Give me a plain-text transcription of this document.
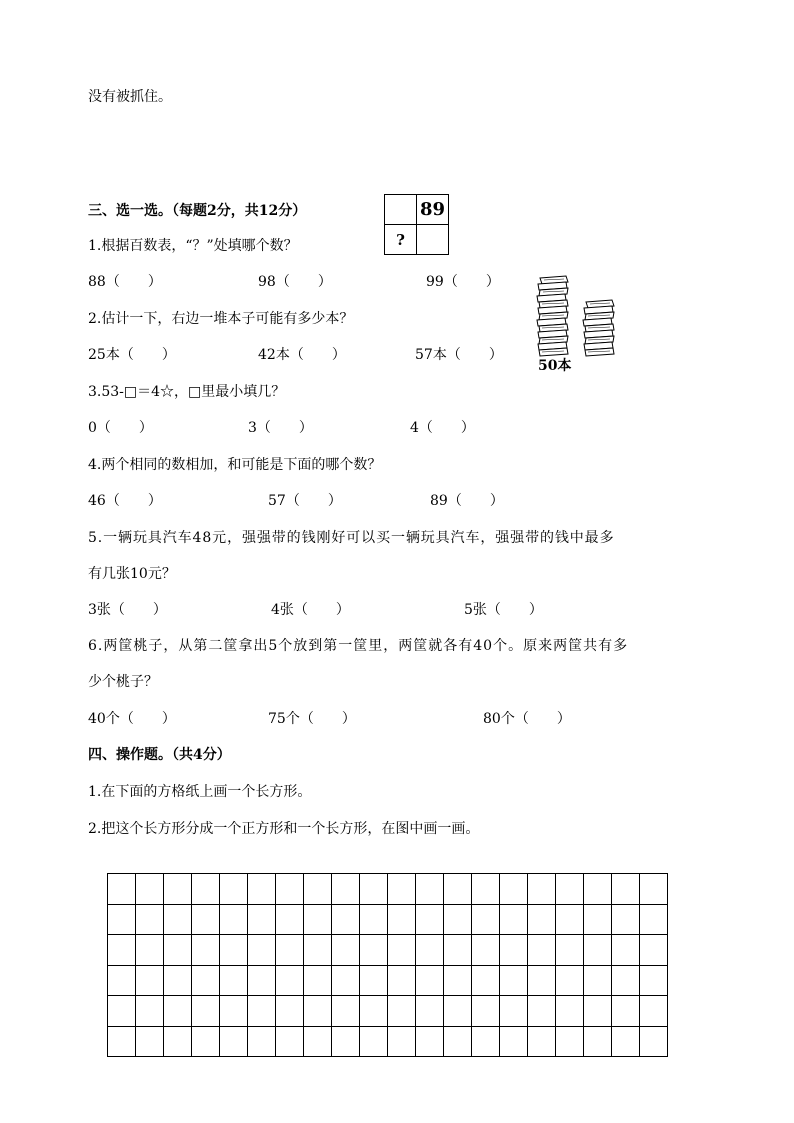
没有被抓住。
三、选一选。（每题2分，共12分）
		89
?	
1.根据百数表，“？”处填哪个数？
88（　　）	98（　　）	99（　　）
2.估计一下，右边一堆本子可能有多少本？
25本（　　）	42本（　　）	57本（　　）
50本
3.53-□＝4☆，□里最小填几？
0（　　）	3（　　）	4（　　）
4.两个相同的数相加，和可能是下面的哪个数？
46（　　）	57（　　）	89（　　）
5.一辆玩具汽车48元，强强带的钱刚好可以买一辆玩具汽车，强强带的钱中最多
有几张10元？
3张（　　）	4张（　　）	5张（　　）
6.两筐桃子，从第二筐拿出5个放到第一筐里，两筐就各有40个。原来两筐共有多
少个桃子？
40个（　　）	75个（　　）	80个（　　）
四、操作题。（共4分）
1.在下面的方格纸上画一个长方形。
2.把这个长方形分成一个正方形和一个长方形，在图中画一画。
